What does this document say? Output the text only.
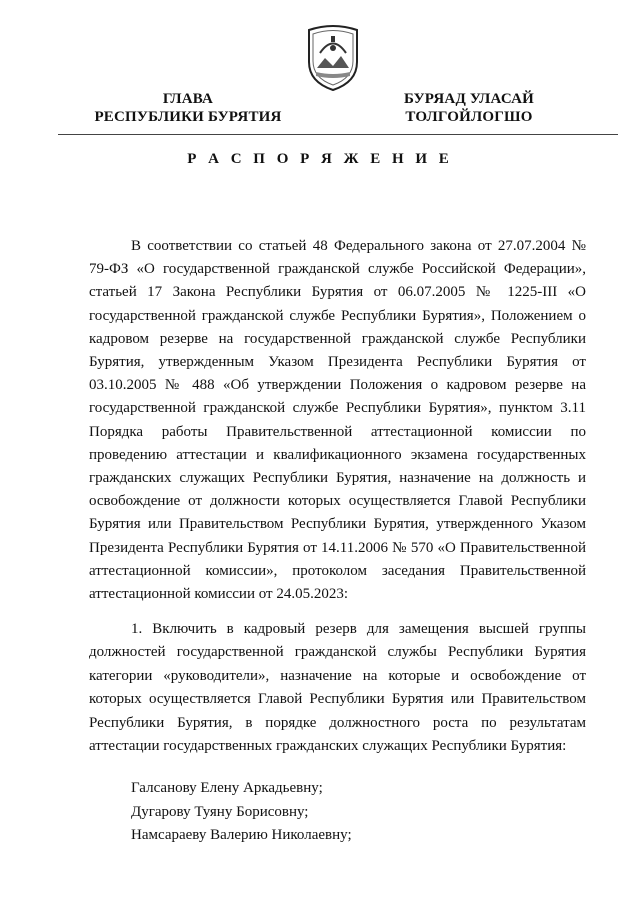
ГЛАВА
РЕСПУБЛИКИ БУРЯТИЯ
БУРЯАД УЛАСАЙ
ТОЛГОЙЛОГШО
Р А С П О Р Я Ж Е Н И Е

В соответствии со статьей 48 Федерального закона от 27.07.2004 № 79-ФЗ «О государственной гражданской службе Российской Федерации», статьей 17 Закона Республики Бурятия от 06.07.2005 № 1225-III «О государственной гражданской службе Республики Бурятия», Положением о кадровом резерве на государственной гражданской службе Республики Бурятия, утвержденным Указом Президента Республики Бурятия от 03.10.2005 № 488 «Об утверждении Положения о кадровом резерве на государственной гражданской службе Республики Бурятия», пунктом 3.11 Порядка работы Правительственной аттестационной комиссии по проведению аттестации и квалификационного экзамена государственных гражданских служащих Республики Бурятия, назначение на должность и освобождение от должности которых осуществляется Главой Республики Бурятия или Правительством Республики Бурятия, утвержденного Указом Президента Республики Бурятия от 14.11.2006 № 570 «О Правительственной аттестационной комиссии», протоколом заседания Правительственной аттестационной комиссии от 24.05.2023:

1. Включить в кадровый резерв для замещения высшей группы должностей государственной гражданской службы Республики Бурятия категории «руководители», назначение на которые и освобождение от которых осуществляется Главой Республики Бурятия или Правительством Республики Бурятия, в порядке должностного роста по результатам аттестации государственных гражданских служащих Республики Бурятия:

Галсанову Елену Аркадьевну;
Дугарову Туяну Борисовну;
Намсараеву Валерию Николаевну;
